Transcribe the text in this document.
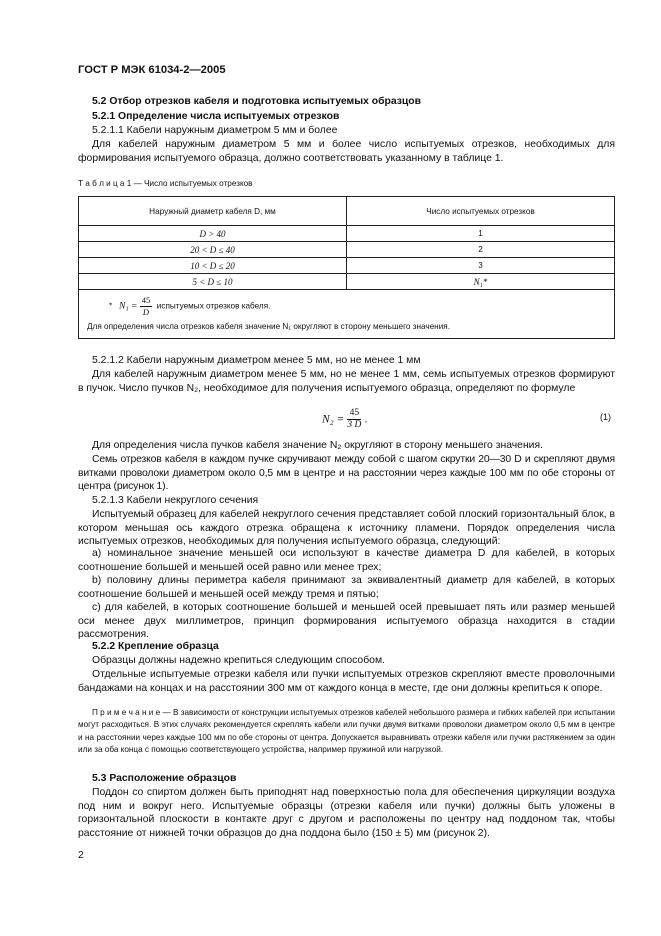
ГОСТ Р МЭК 61034-2—2005
5.2 Отбор отрезков кабеля и подготовка испытуемых образцов
5.2.1 Определение числа испытуемых отрезков
5.2.1.1 Кабели наружным диаметром 5 мм и более
Для кабелей наружным диаметром 5 мм и более число испытуемых отрезков, необходимых для формирования испытуемого образца, должно соответствовать указанному в таблице 1.
Т а б л и ц а 1 — Число испытуемых отрезков
Наружный диаметр кабеля D, мм	Число испытуемых отрезков
D > 40	1
20 < D ≤ 40	2
10 < D ≤ 20	3
5 < D ≤ 10	N₁*

* $N_1 = \frac{45}{D}$ испытуемых отрезков кабеля.
Для определения числа отрезков кабеля значение N₁ округляют в сторону меньшего значения.	
5.2.1.2 Кабели наружным диаметром менее 5 мм, но не менее 1 мм
Для кабелей наружным диаметром менее 5 мм, но не менее 1 мм, семь испытуемых отрезков формируют в пучок. Число пучков N₂, необходимое для получения испытуемого образца, определяют по формуле
$N_2 = \frac{45}{3 D}$ .	(1)
Для определения числа пучков кабеля значение N₂ округляют в сторону меньшего значения.
Семь отрезков кабеля в каждом пучке скручивают между собой с шагом скрутки 20—30 D и скрепляют двумя витками проволоки диаметром около 0,5 мм в центре и на расстоянии через каждые 100 мм по обе стороны от центра (рисунок 1).
5.2.1.3 Кабели некруглого сечения
Испытуемый образец для кабелей некруглого сечения представляет собой плоский горизонтальный блок, в котором меньшая ось каждого отрезка обращена к источнику пламени. Порядок определения числа испытуемых отрезков, необходимых для получения испытуемого образца, следующий:
а) номинальное значение меньшей оси используют в качестве диаметра D для кабелей, в которых соотношение большей и меньшей осей равно или менее трех;
b) половину длины периметра кабеля принимают за эквивалентный диаметр для кабелей, в которых соотношение большей и меньшей осей между тремя и пятью;
с) для кабелей, в которых соотношение большей и меньшей осей превышает пять или размер меньшей оси менее двух миллиметров, принцип формирования испытуемого образца находится в стадии рассмотрения.
5.2.2 Крепление образца
Образцы должны надежно крепиться следующим способом.
Отдельные испытуемые отрезки кабеля или пучки испытуемых отрезков скрепляют вместе проволочными бандажами на концах и на расстоянии 300 мм от каждого конца в месте, где они должны крепиться к опоре.
П р и м е ч а н и е — В зависимости от конструкции испытуемых отрезков кабелей небольшого размера и гибких кабелей при испытании могут расходиться. В этих случаях рекомендуется скреплять кабели или пучки двумя витками проволоки диаметром около 0,5 мм в центре и на расстоянии через каждые 100 мм по обе стороны от центра. Допускается выравнивать отрезки кабеля или пучки растяжением за один или за оба конца с помощью соответствующего устройства, например пружиной или нагрузкой.
5.3 Расположение образцов
Поддон со спиртом должен быть приподнят над поверхностью пола для обеспечения циркуляции воздуха под ним и вокруг него. Испытуемые образцы (отрезки кабеля или пучки) должны быть уложены в горизонтальной плоскости в контакте друг с другом и расположены по центру над поддоном так, чтобы расстояние от нижней точки образцов до дна поддона было (150 ± 5) мм (рисунок 2).
2
